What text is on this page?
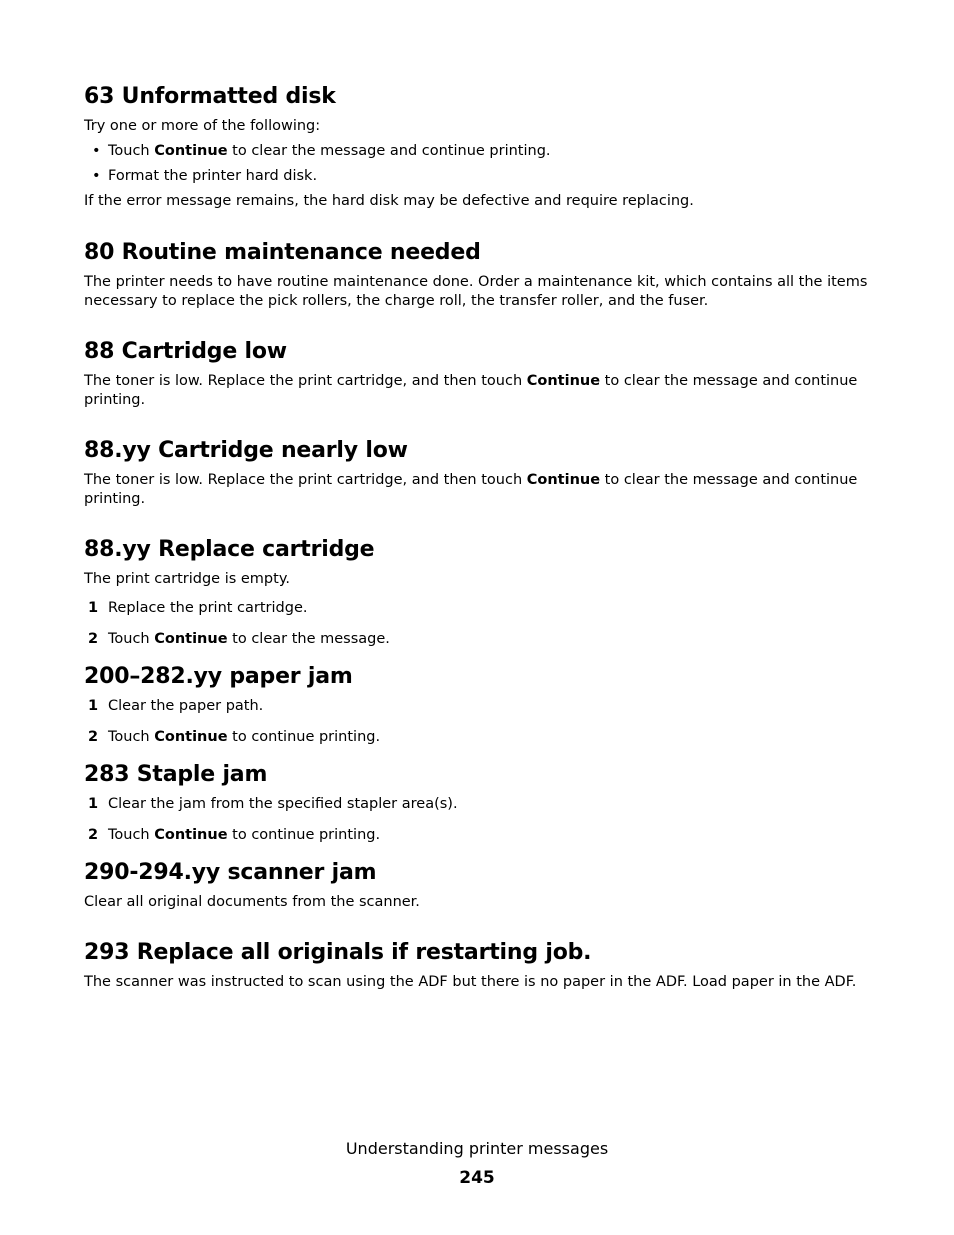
63 Unformatted disk

Try one or more of the following:

• Touch Continue to clear the message and continue printing.
• Format the printer hard disk.

If the error message remains, the hard disk may be defective and require replacing.

80 Routine maintenance needed

The printer needs to have routine maintenance done. Order a maintenance kit, which contains all the items necessary to replace the pick rollers, the charge roll, the transfer roller, and the fuser.

88 Cartridge low

The toner is low. Replace the print cartridge, and then touch Continue to clear the message and continue printing.

88.yy Cartridge nearly low

The toner is low. Replace the print cartridge, and then touch Continue to clear the message and continue printing.

88.yy Replace cartridge

The print cartridge is empty.

1 Replace the print cartridge.
2 Touch Continue to clear the message.
200–282.yy paper jam
1 Clear the paper path.
2 Touch Continue to continue printing.
283 Staple jam
1 Clear the jam from the specified stapler area(s).
2 Touch Continue to continue printing.
290-294.yy scanner jam

Clear all original documents from the scanner.

293 Replace all originals if restarting job.

The scanner was instructed to scan using the ADF but there is no paper in the ADF. Load paper in the ADF.

Understanding printer messages
245
